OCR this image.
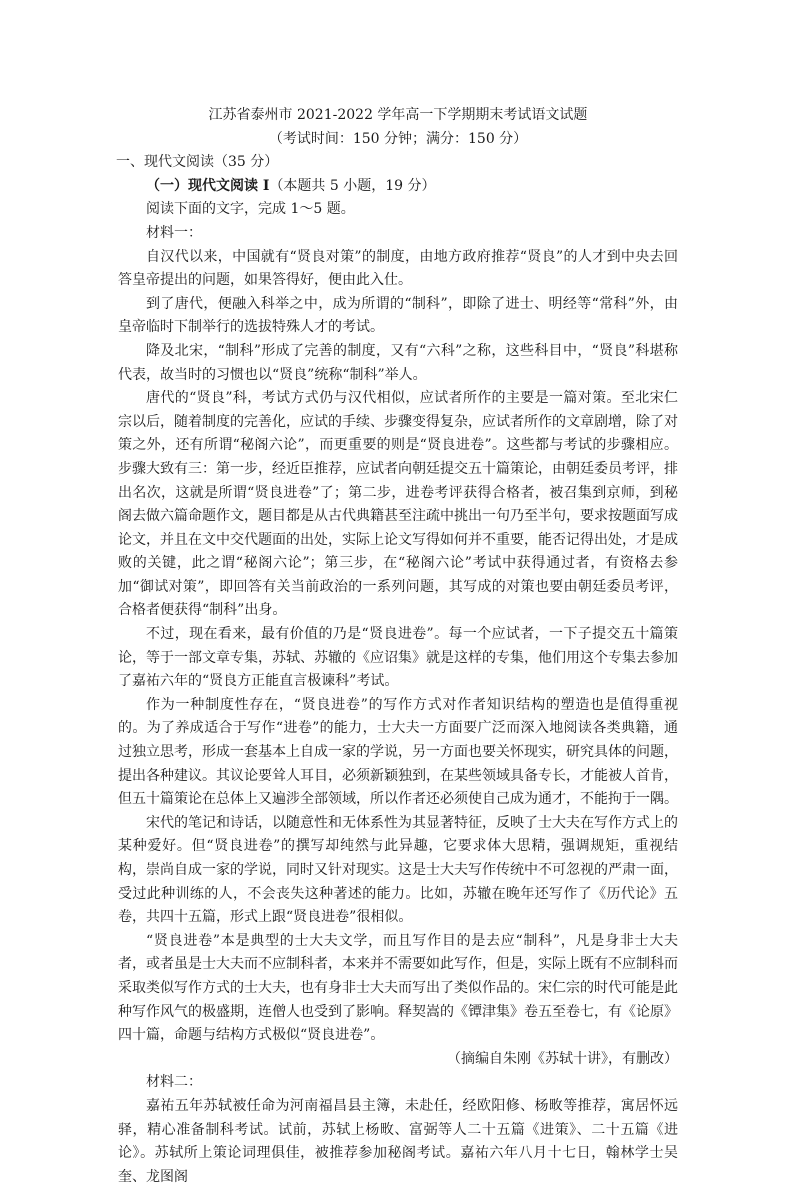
江苏省泰州市 2021-2022 学年高一下学期期末考试语文试题

（考试时间：150 分钟；满分：150 分）

一、现代文阅读（35 分）

（一）现代文阅读 I（本题共 5 小题，19 分）

阅读下面的文字，完成 1～5 题。

材料一：

自汉代以来，中国就有“贤良对策”的制度，由地方政府推荐“贤良”的人才到中央去回答皇帝提出的问题，如果答得好，便由此入仕。

到了唐代，便融入科举之中，成为所谓的“制科”，即除了进士、明经等“常科”外，由皇帝临时下制举行的选拔特殊人才的考试。

降及北宋，“制科”形成了完善的制度，又有“六科”之称，这些科目中，“贤良”科堪称代表，故当时的习惯也以“贤良”统称“制科”举人。

唐代的“贤良”科，考试方式仍与汉代相似，应试者所作的主要是一篇对策。至北宋仁宗以后，随着制度的完善化，应试的手续、步骤变得复杂，应试者所作的文章剧增，除了对策之外，还有所谓“秘阁六论”，而更重要的则是“贤良进卷”。这些都与考试的步骤相应。步骤大致有三：第一步，经近臣推荐，应试者向朝廷提交五十篇策论，由朝廷委员考评，排出名次，这就是所谓“贤良进卷”了；第二步，进卷考评获得合格者，被召集到京师，到秘阁去做六篇命题作文，题目都是从古代典籍甚至注疏中挑出一句乃至半句，要求按题面写成论文，并且在文中交代题面的出处，实际上论文写得如何并不重要，能否记得出处，才是成败的关键，此之谓“秘阁六论”；第三步，在“秘阁六论”考试中获得通过者，有资格去参加“御试对策”，即回答有关当前政治的一系列问题，其写成的对策也要由朝廷委员考评，合格者便获得“制科”出身。

不过，现在看来，最有价值的乃是“贤良进卷”。每一个应试者，一下子提交五十篇策论，等于一部文章专集，苏轼、苏辙的《应诏集》就是这样的专集，他们用这个专集去参加了嘉祐六年的“贤良方正能直言极谏科”考试。

作为一种制度性存在，“贤良进卷”的写作方式对作者知识结构的塑造也是值得重视的。为了养成适合于写作“进卷”的能力，士大夫一方面要广泛而深入地阅读各类典籍，通过独立思考，形成一套基本上自成一家的学说，另一方面也要关怀现实，研究具体的问题，提出各种建议。其议论要耸人耳目，必须新颖独到，在某些领域具备专长，才能被人首肯，但五十篇策论在总体上又遍涉全部领域，所以作者还必须使自己成为通才，不能拘于一隅。

宋代的笔记和诗话，以随意性和无体系性为其显著特征，反映了士大夫在写作方式上的某种爱好。但“贤良进卷”的撰写却纯然与此异趣，它要求体大思精，强调规矩，重视结构，崇尚自成一家的学说，同时又针对现实。这是士大夫写作传统中不可忽视的严肃一面，受过此种训练的人，不会丧失这种著述的能力。比如，苏辙在晚年还写作了《历代论》五卷，共四十五篇，形式上跟“贤良进卷”很相似。

“贤良进卷”本是典型的士大夫文学，而且写作目的是去应“制科”，凡是身非士大夫者，或者虽是士大夫而不应制科者，本来并不需要如此写作，但是，实际上既有不应制科而采取类似写作方式的士大夫，也有身非士大夫而写出了类似作品的。宋仁宗的时代可能是此种写作风气的极盛期，连僧人也受到了影响。释契嵩的《镡津集》卷五至卷七，有《论原》四十篇，命题与结构方式极似“贤良进卷”。

（摘编自朱刚《苏轼十讲》，有删改）

材料二：

嘉祐五年苏轼被任命为河南福昌县主簿，未赴任，经欧阳修、杨畋等推荐，寓居怀远驿，精心准备制科考试。试前，苏轼上杨畋、富弼等人二十五篇《进策》、二十五篇《进论》。苏轼所上策论词理俱佳，被推荐参加秘阁考试。嘉祐六年八月十七日，翰林学士吴奎、龙图阁
